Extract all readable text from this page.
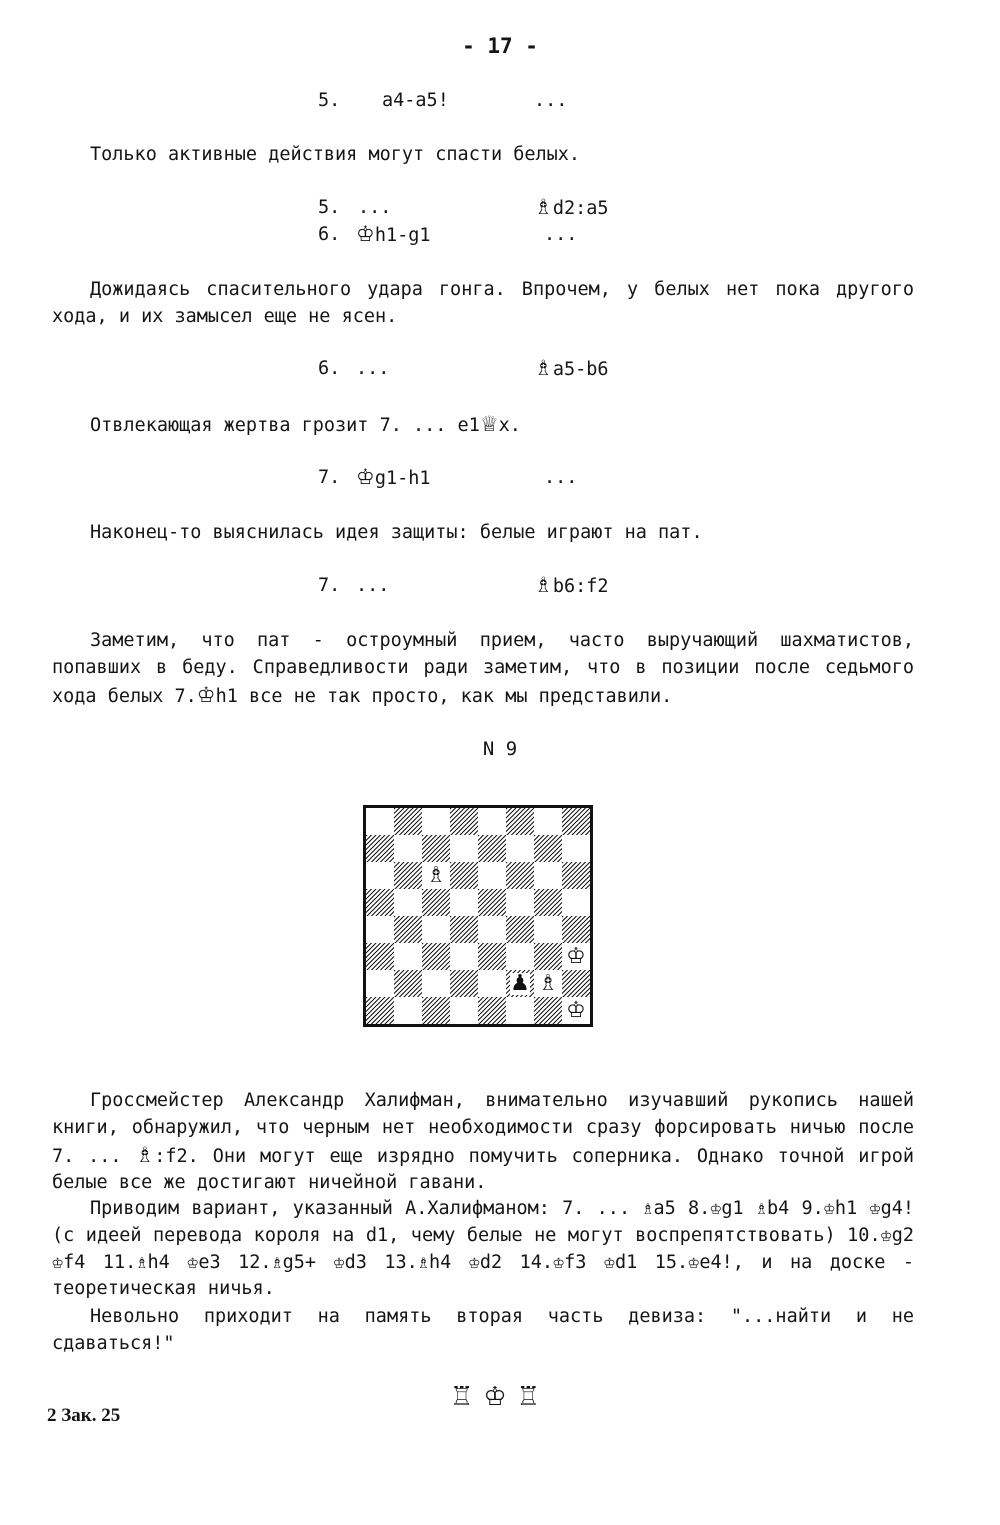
- 17 -
5. a4-a5!	...
Только активные действия могут спасти белых.
5. ...	♗d2:a5
6. ♔h1-g1	...
Дожидаясь спасительного удара гонга. Впрочем, у белых нет пока другого хода, и их замысел еще не ясен.
6. ...	♗a5-b6
Отвлекающая жертва грозит 7. ... e1♕x.
7. ♔g1-h1	...
Наконец-то выяснилась идея защиты: белые играют на пат.
7. ...	♗b6:f2
Заметим, что пат - остроумный прием, часто выручающий шахматистов, попавших в беду. Справедливости ради заметим, что в позиции после седьмого хода белых 7.♔h1 все не так просто, как мы представили.
N 9
♗
♔
♟ ♗
♔
Гроссмейстер Александр Халифман, внимательно изучавший рукопись нашей книги, обнаружил, что черным нет необходимости сразу форсировать ничью после 7. ... ♗:f2. Они могут еще изрядно помучить соперника. Однако точной игрой белые все же достигают ничейной гавани.
Приводим вариант, указанный А.Халифманом: 7. ... ♗a5 8.♔g1 ♗b4 9.♔h1 ♔g4! (с идеей перевода короля на d1, чему белые не могут воспрепятствовать) 10.♔g2 ♔f4 11.♗h4 ♔e3 12.♗g5+ ♔d3 13.♗h4 ♔d2 14.♔f3 ♔d1 15.♔e4!, и на доске - теоретическая ничья.
Невольно приходит на память вторая часть девиза: "...найти и не сдаваться!"
♖♔♖
2 Зак. 25
